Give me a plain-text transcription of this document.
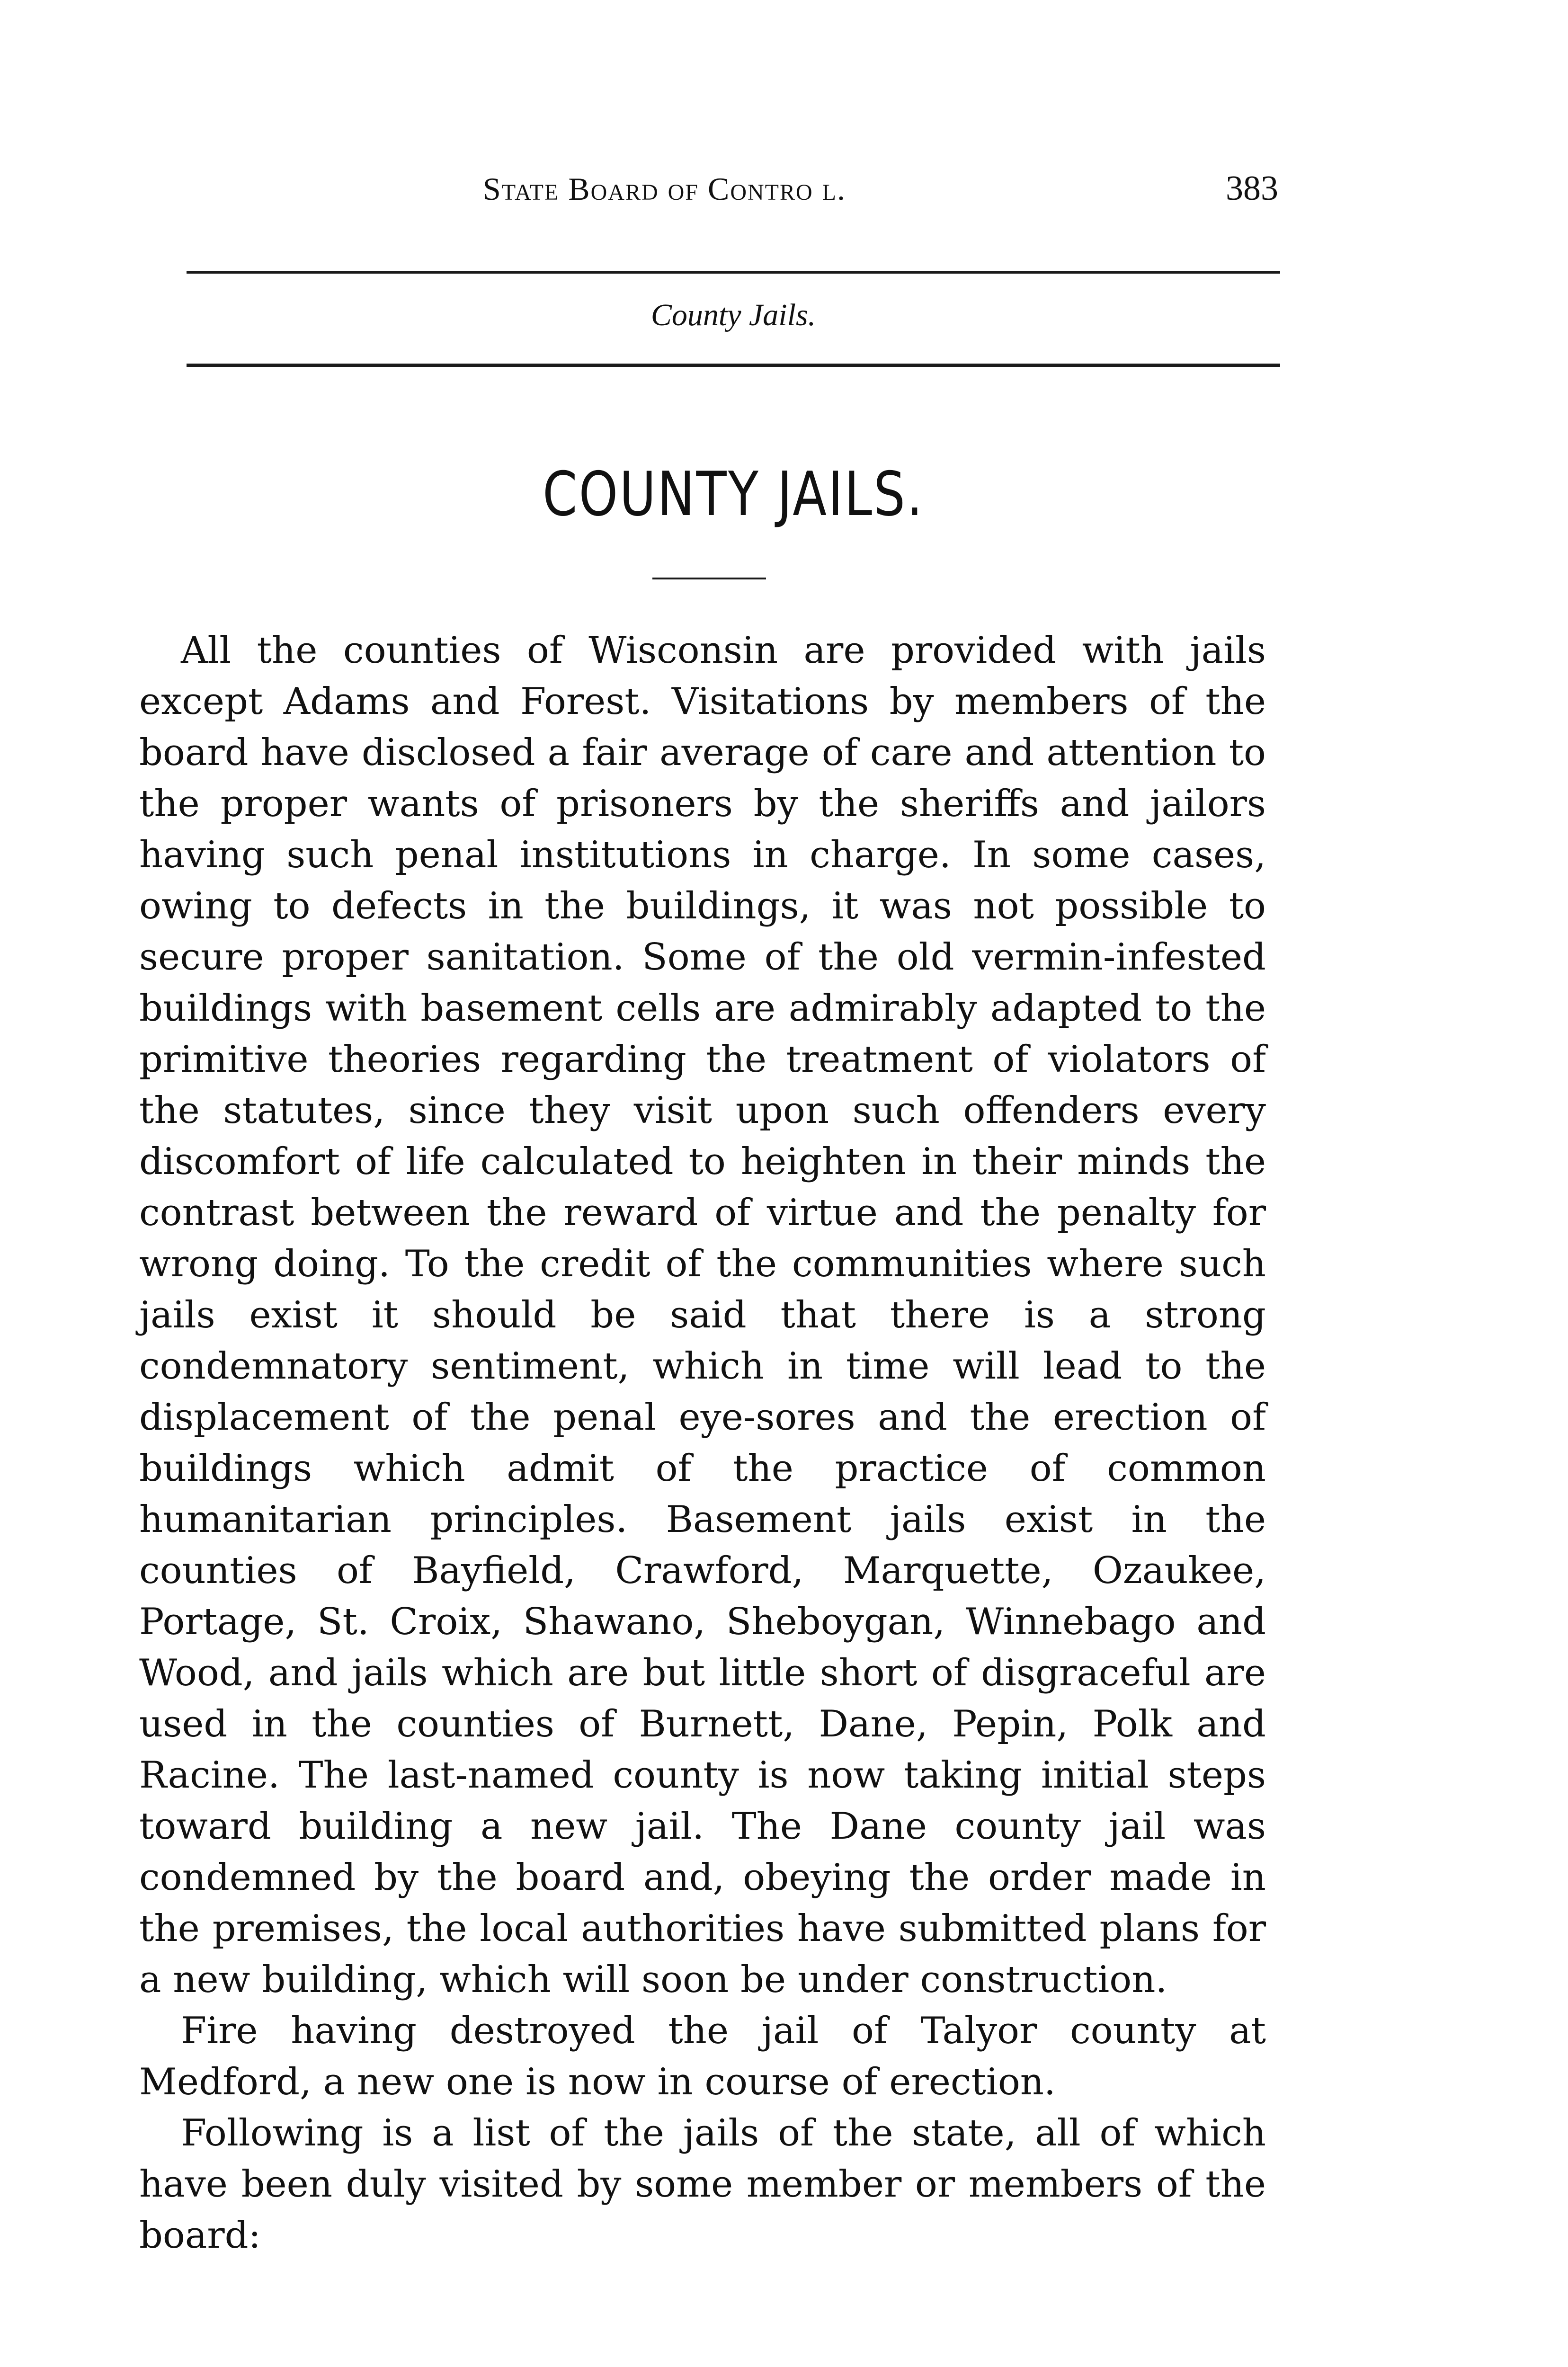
State Board of Contro l.	383
County Jails.
COUNTY JAILS.

All the counties of Wisconsin are provided with jails except Adams and Forest. Visitations by members of the board have disclosed a fair average of care and attention to the proper wants of prisoners by the sheriffs and jailors having such penal institutions in charge. In some cases, owing to defects in the buildings, it was not possible to secure proper sanitation. Some of the old vermin-infested buildings with basement cells are admirably adapted to the primitive theories regarding the treatment of violators of the statutes, since they visit upon such offenders every discomfort of life calculated to heighten in their minds the contrast between the reward of virtue and the penalty for wrong doing. To the credit of the communities where such jails exist it should be said that there is a strong condemnatory sentiment, which in time will lead to the displacement of the penal eye-sores and the erection of buildings which admit of the practice of common humanitarian principles. Basement jails exist in the counties of Bayfield, Crawford, Marquette, Ozaukee, Portage, St. Croix, Shawano, Sheboygan, Winnebago and Wood, and jails which are but little short of disgraceful are used in the counties of Burnett, Dane, Pepin, Polk and Racine. The last-named county is now taking initial steps toward building a new jail. The Dane county jail was condemned by the board and, obeying the order made in the premises, the local authorities have submitted plans for a new building, which will soon be under construction.

Fire having destroyed the jail of Talyor county at Medford, a new one is now in course of erection.

Following is a list of the jails of the state, all of which have been duly visited by some member or members of the board:
